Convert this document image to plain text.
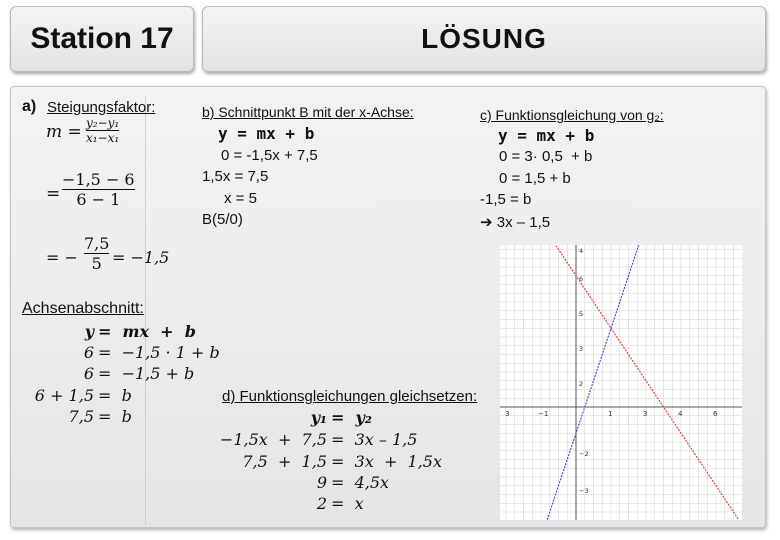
Station 17	LÖSUNG
a) Steigungsfaktor:
m = y₂−y₁
x₁−x₁
=
−1,5 − 6
6 − 1
= −
7,5
5 = −1,5
Achsenabschnitt:
y =  mx  +  b
6 =  −1,5 · 1 + b
6 =  −1,5 + b
6 + 1,5 =  b
7,5 =  b
b) Schnittpunkt B mit der x-Achse:
y = mx + b
0 = -1,5x + 7,5
1,5x = 7,5
x = 5
B(5/0)
c) Funktionsgleichung von g₂:
y = mx + b
0 = 3· 0,5  + b
0 = 1,5 + b
-1,5 = b
➔ 3x – 1,5
d) Funktionsgleichungen gleichsetzen:
y₁ =  y₂
−1,5x  +  7,5 =  3x – 1,5
7,5  +  1,5 =  3x  +  1,5x
9 =  4,5x
2 =  x
3	−1	1	3	4	6
4
6
5
3
2
−2
−3
